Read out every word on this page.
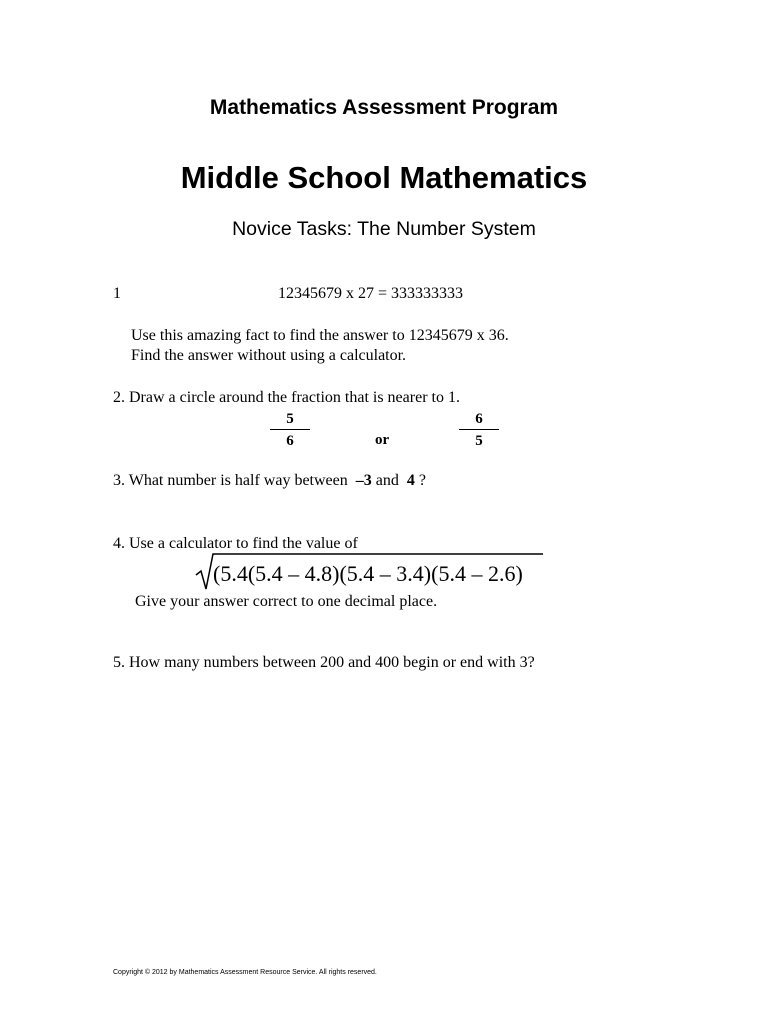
Mathematics Assessment Program
Middle School Mathematics
Novice Tasks: The Number System
1	12345679 x 27 = 333333333
Use this amazing fact to find the answer to 12345679 x 36.
Find the answer without using a calculator.
2. Draw a circle around the fraction that is nearer to 1.
$\frac{5}{6}$	or	$\frac{6}{5}$
3. What number is half way between –3 and 4 ?
4. Use a calculator to find the value of
(5.4(5.4 – 4.8)(5.4 – 3.4)(5.4 – 2.6)
Give your answer correct to one decimal place.
5. How many numbers between 200 and 400 begin or end with 3?
Copyright © 2012 by Mathematics Assessment Resource Service. All rights reserved.
